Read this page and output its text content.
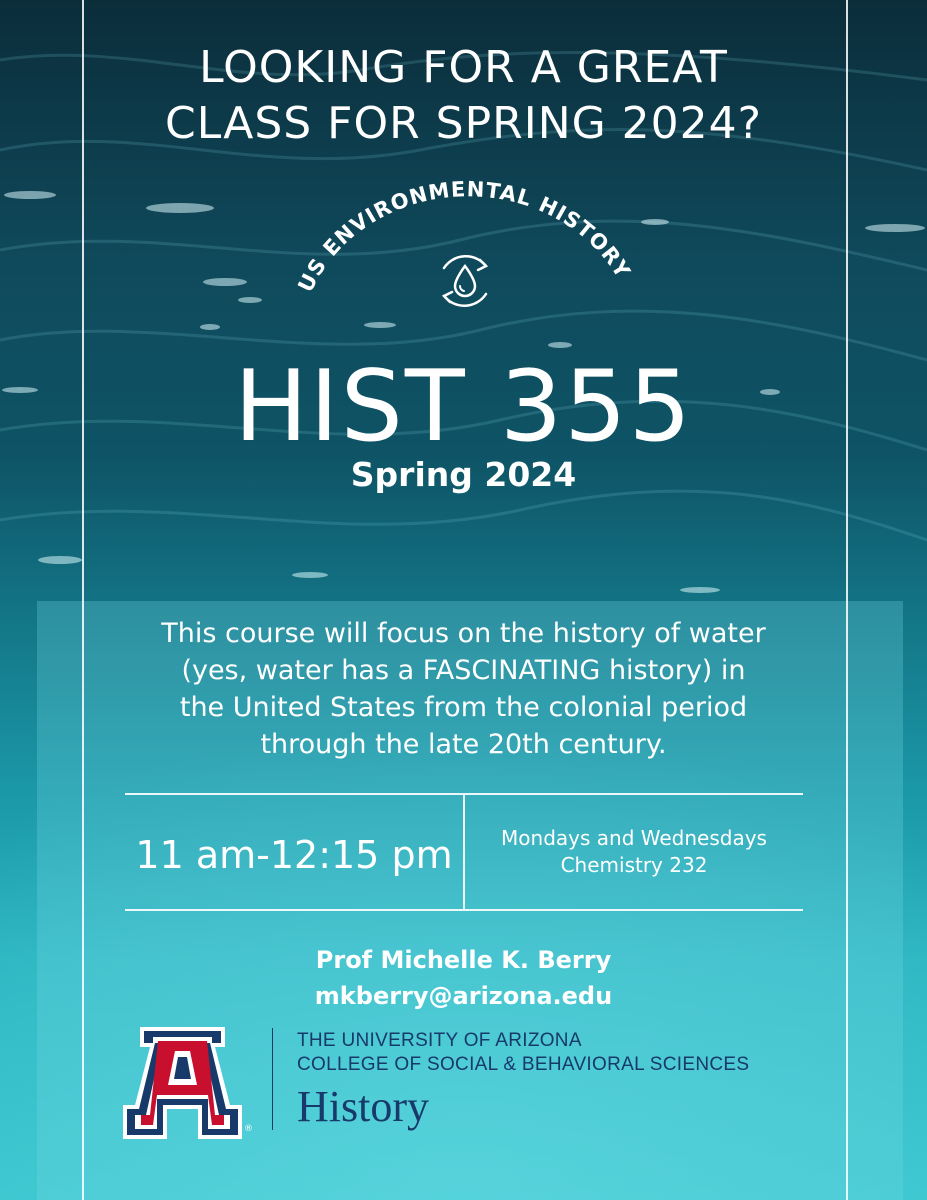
LOOKING FOR A GREAT
CLASS FOR SPRING 2024?
US ENVIRONMENTAL HISTORY
HIST 355
Spring 2024
This course will focus on the history of water
(yes, water has a FASCINATING history) in
the United States from the colonial period
through the late 20th century.
11 am-12:15 pm	Mondays and Wednesdays
Chemistry 232
Prof Michelle K. Berry
mkberry@arizona.edu
®
THE UNIVERSITY OF ARIZONA
COLLEGE OF SOCIAL & BEHAVIORAL SCIENCES
History
